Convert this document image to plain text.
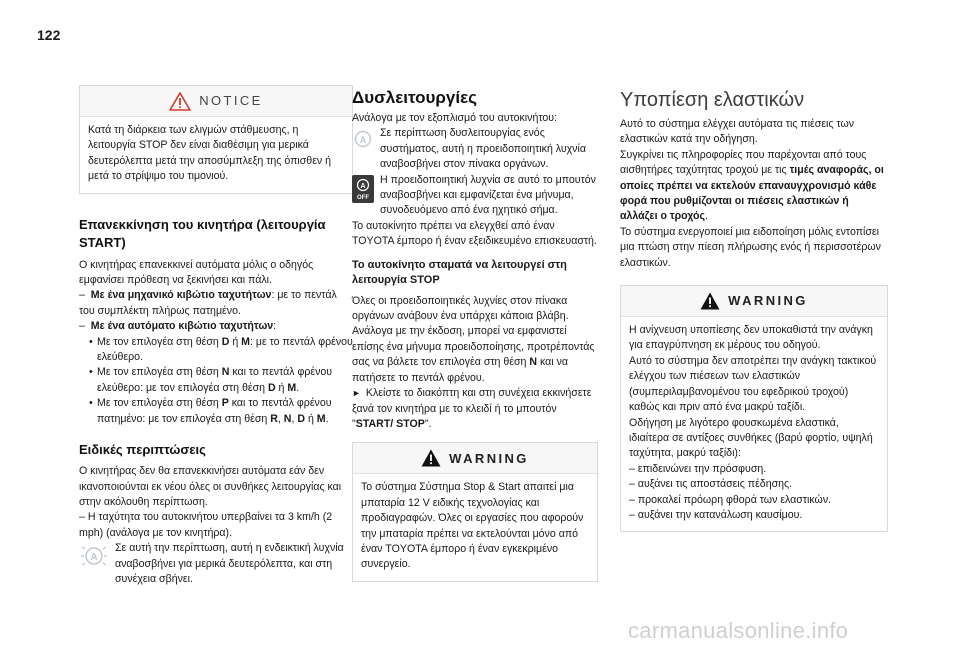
122
NOTICE

Κατά τη διάρκεια των ελιγμών στάθμευσης, η λειτουργία STOP δεν είναι διαθέσιμη για μερικά δευτερόλεπτα μετά την αποσύμπλεξη της όπισθεν ή μετά το στρίψιμο του τιμονιού.

Επανεκκίνηση του κινητήρα (λειτουργία START)

Ο κινητήρας επανεκκινεί αυτόματα μόλις ο οδηγός εμφανίσει πρόθεση να ξεκινήσει και πάλι.

–  Με ένα μηχανικό κιβώτιο ταχυτήτων: με το πεντάλ του συμπλέκτη πλήρως πατημένο.

–  Με ένα αυτόματο κιβώτιο ταχυτήτων:

• Με τον επιλογέα στη θέση D ή M: με το πεντάλ φρένου ελεύθερο.

• Με τον επιλογέα στη θέση N και το πεντάλ φρένου ελεύθερο: με τον επιλογέα στη θέση D ή M.

• Με τον επιλογέα στη θέση P και το πεντάλ φρένου πατημένο: με τον επιλογέα στη θέση R, N, D ή M.

Ειδικές περιπτώσεις

Ο κινητήρας δεν θα επανεκκινήσει αυτόματα εάν δεν ικανοποιούνται εκ νέου όλες οι συνθήκες λειτουργίας και στην ακόλουθη περίπτωση.

– Η ταχύτητα του αυτοκινήτου υπερβαίνει τα 3 km/h (2 mph) (ανάλογα με τον κινητήρα).

A

Σε αυτή την περίπτωση, αυτή η ενδεικτική λυχνία αναβοσβήνει για μερικά δευτερόλεπτα, και στη συνέχεια σβήνει.

Δυσλειτουργίες

Ανάλογα με τον εξοπλισμό του αυτοκινήτου:

A

Σε περίπτωση δυσλειτουργίας ενός συστήματος, αυτή η προειδοποιητική λυχνία αναβοσβήνει στον πίνακα οργάνων.

A
OFF

Η προειδοποιητική λυχνία σε αυτό το μπουτόν αναβοσβήνει και εμφανίζεται ένα μήνυμα, συνοδευόμενο από ένα ηχητικό σήμα.

Το αυτοκίνητο πρέπει να ελεγχθεί από έναν TOYOTA έμπορο ή έναν εξειδικευμένο επισκευαστή.

Το αυτοκίνητο σταματά να λειτουργεί στη λειτουργία STOP

Όλες οι προειδοποιητικές λυχνίες στον πίνακα οργάνων ανάβουν ένα υπάρχει κάποια βλάβη. Ανάλογα με την έκδοση, μπορεί να εμφανιστεί επίσης ένα μήνυμα προειδοποίησης, προτρέποντάς σας να βάλετε τον επιλογέα στη θέση N και να πατήσετε το πεντάλ φρένου.

► Κλείστε το διακόπτη και στη συνέχεια εκκινήσετε ξανά τον κινητήρα με το κλειδί ή το μπουτόν "START/ STOP".

WARNING

Το σύστημα Σύστημα Stop & Start απαιτεί μια μπαταρία 12 V ειδικής τεχνολογίας και προδιαγραφών. Όλες οι εργασίες που αφορούν την μπαταρία πρέπει να εκτελούνται μόνο από έναν TOYOTA έμπορο ή έναν εγκεκριμένο συνεργείο.

Υποπίεση ελαστικών

Αυτό το σύστημα ελέγχει αυτόματα τις πιέσεις των ελαστικών κατά την οδήγηση.

Συγκρίνει τις πληροφορίες που παρέχονται από τους αισθητήρες ταχύτητας τροχού με τις τιμές αναφοράς, οι οποίες πρέπει να εκτελούν επαναυγχρονισμό κάθε φορά που ρυθμίζονται οι πιέσεις ελαστικών ή αλλάζει ο τροχός.

Το σύστημα ενεργοποιεί μια ειδοποίηση μόλις εντοπίσει μια πτώση στην πίεση πλήρωσης ενός ή περισσοτέρων ελαστικών.

WARNING

Η ανίχνευση υποπίεσης δεν υποκαθιστά την ανάγκη για επαγρύπνηση εκ μέρους του οδηγού.

Αυτό το σύστημα δεν αποτρέπει την ανάγκη τακτικού ελέγχου των πιέσεων των ελαστικών (συμπεριλαμβανομένου του εφεδρικού τροχού) καθώς και πριν από ένα μακρύ ταξίδι.

Οδήγηση με λιγότερο φουσκωμένα ελαστικά, ιδιαίτερα σε αντίξοες συνθήκες (βαρύ φορτίο, υψηλή ταχύτητα, μακρύ ταξίδι):

– επιδεινώνει την πρόσφυση.

– αυξάνει τις αποστάσεις πέδησης.

– προκαλεί πρόωρη φθορά των ελαστικών.

– αυξάνει την κατανάλωση καυσίμου.

carmanualsonline.info
